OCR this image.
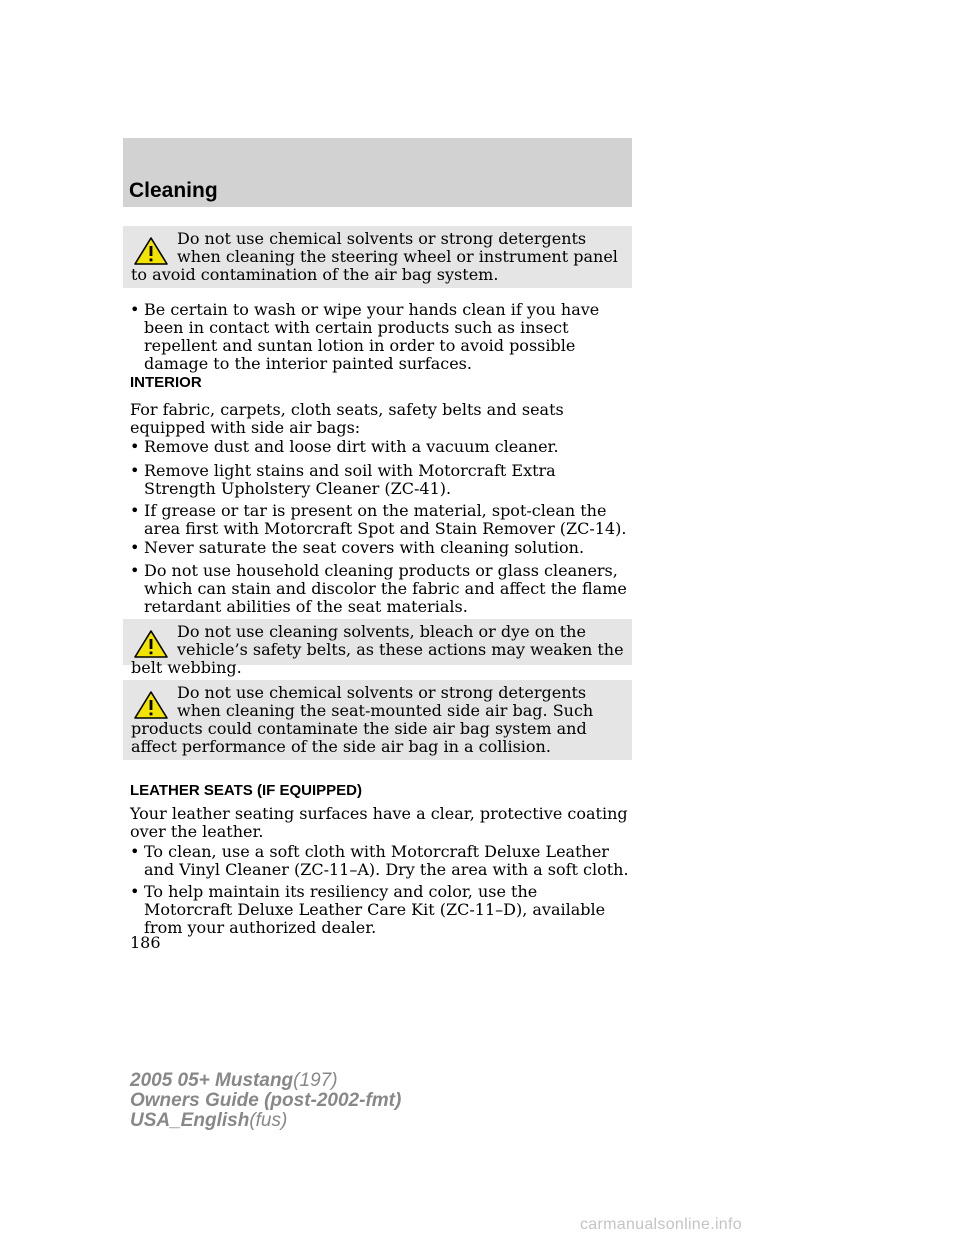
Cleaning

Do not use chemical solvents or strong detergents when cleaning the steering wheel or instrument panel to avoid contamination of the air bag system.

• Be certain to wash or wipe your hands clean if you have been in contact with certain products such as insect repellent and suntan lotion in order to avoid possible damage to the interior painted surfaces.
INTERIOR

For fabric, carpets, cloth seats, safety belts and seats equipped with side air bags:

• Remove dust and loose dirt with a vacuum cleaner.
• Remove light stains and soil with Motorcraft Extra Strength Upholstery Cleaner (ZC-41).
• If grease or tar is present on the material, spot-clean the area first with Motorcraft Spot and Stain Remover (ZC-14).
• Never saturate the seat covers with cleaning solution.
• Do not use household cleaning products or glass cleaners, which can stain and discolor the fabric and affect the flame retardant abilities of the seat materials.

Do not use cleaning solvents, bleach or dye on the vehicle’s safety belts, as these actions may weaken the belt webbing.

Do not use chemical solvents or strong detergents when cleaning the seat-mounted side air bag. Such products could contaminate the side air bag system and affect performance of the side air bag in a collision.

LEATHER SEATS (IF EQUIPPED)

Your leather seating surfaces have a clear, protective coating over the leather.

• To clean, use a soft cloth with Motorcraft Deluxe Leather and Vinyl Cleaner (ZC-11–A). Dry the area with a soft cloth.
• To help maintain its resiliency and color, use the Motorcraft Deluxe Leather Care Kit (ZC-11–D), available from your authorized dealer.
186
2005 05+ Mustang(197)
Owners Guide (post-2002-fmt)
USA_English(fus)
carmanualsonline.info
